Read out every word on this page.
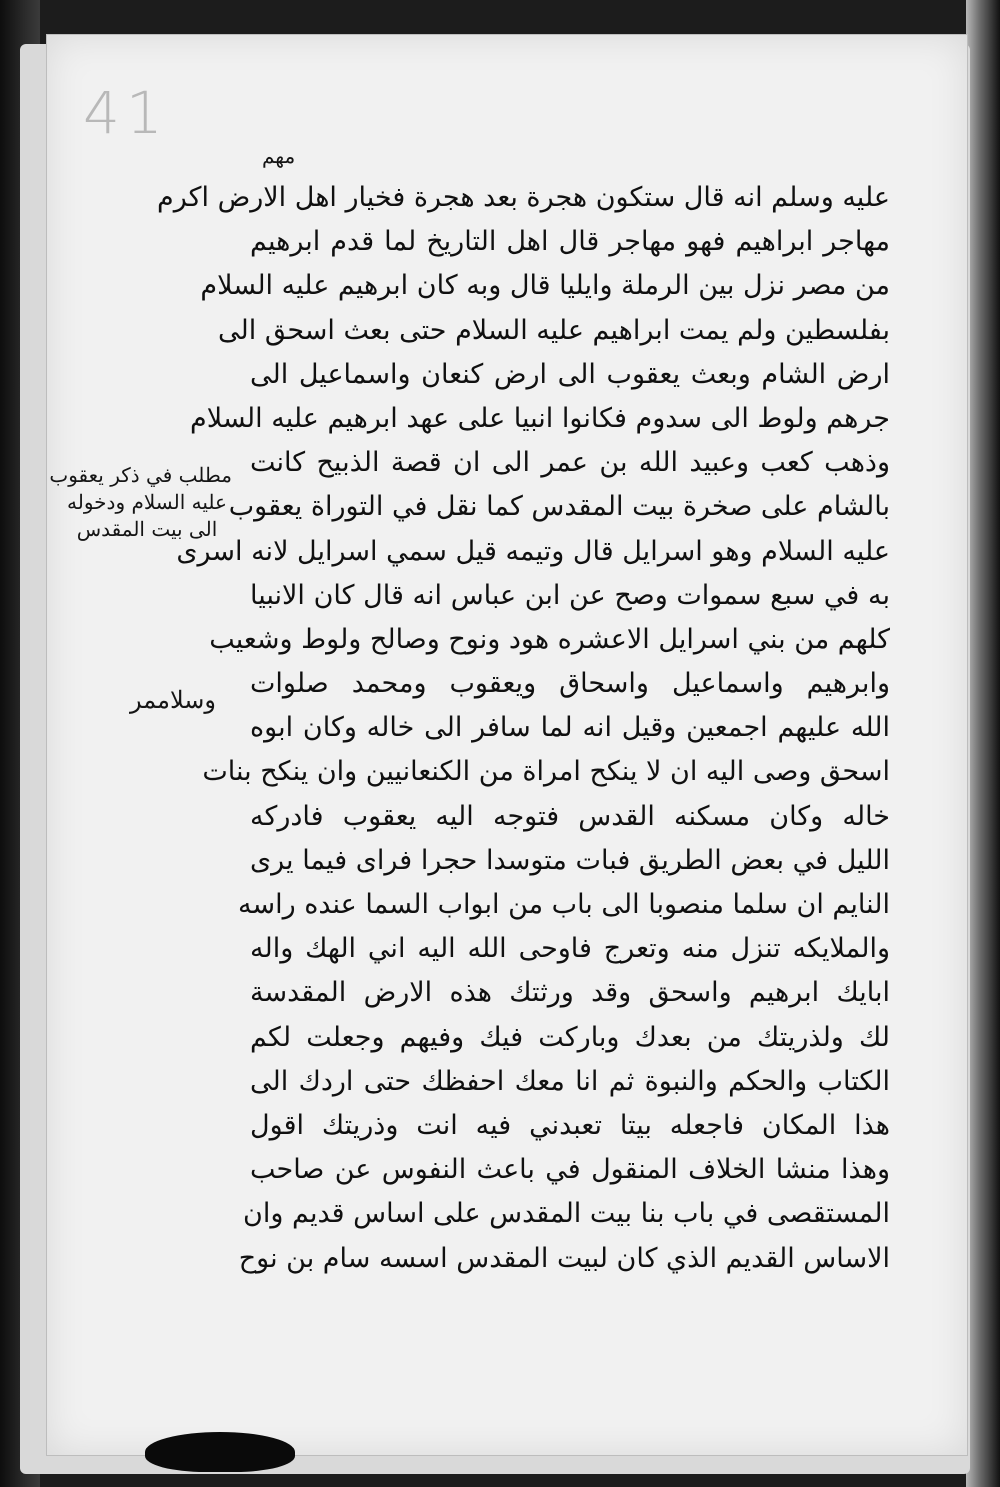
41
مهم
عليه وسلم انه قال ستكون هجرة بعد هجرة فخيار اهل الارض اكرم
مهاجر ابراهيم فهو مهاجر قال اهل التاريخ لما قدم ابرهيم
من مصر نزل بين الرملة وايليا قال وبه كان ابرهيم عليه السلام
بفلسطين ولم يمت ابراهيم عليه السلام حتى بعث اسحق الى
ارض الشام وبعث يعقوب الى ارض كنعان واسماعيل الى
جرهم ولوط الى سدوم فكانوا انبيا على عهد ابرهيم عليه السلام
وذهب كعب وعبيد الله بن عمر الى ان قصة الذبيح كانت
بالشام على صخرة بيت المقدس كما نقل في التوراة يعقوب
عليه السلام وهو اسرايل قال وتيمه قيل سمي اسرايل لانه اسرى
به في سبع سموات وصح عن ابن عباس انه قال كان الانبيا
كلهم من بني اسرايل الاعشره هود ونوح وصالح ولوط وشعيب
وابرهيم واسماعيل واسحاق ويعقوب ومحمد صلوات
الله عليهم اجمعين وقيل انه لما سافر الى خاله وكان ابوه
اسحق وصى اليه ان لا ينكح امراة من الكنعانيين وان ينكح بنات
خاله وكان مسكنه القدس فتوجه اليه يعقوب فادركه
الليل في بعض الطريق فبات متوسدا حجرا فراى فيما يرى
النايم ان سلما منصوبا الى باب من ابواب السما عنده راسه
والملايكه تنزل منه وتعرج فاوحى الله اليه اني الهك واله
ابايك ابرهيم واسحق وقد ورثتك هذه الارض المقدسة
لك ولذريتك من بعدك وباركت فيك وفيهم وجعلت لكم
الكتاب والحكم والنبوة ثم انا معك احفظك حتى اردك الى
هذا المكان فاجعله بيتا تعبدني فيه انت وذريتك اقول
وهذا منشا الخلاف المنقول في باعث النفوس عن صاحب
المستقصى في باب بنا بيت المقدس على اساس قديم وان
الاساس القديم الذي كان لبيت المقدس اسسه سام بن نوح
مطلب في ذكر يعقوب
عليه السلام ودخوله
الى بيت المقدس
وسلاممر
